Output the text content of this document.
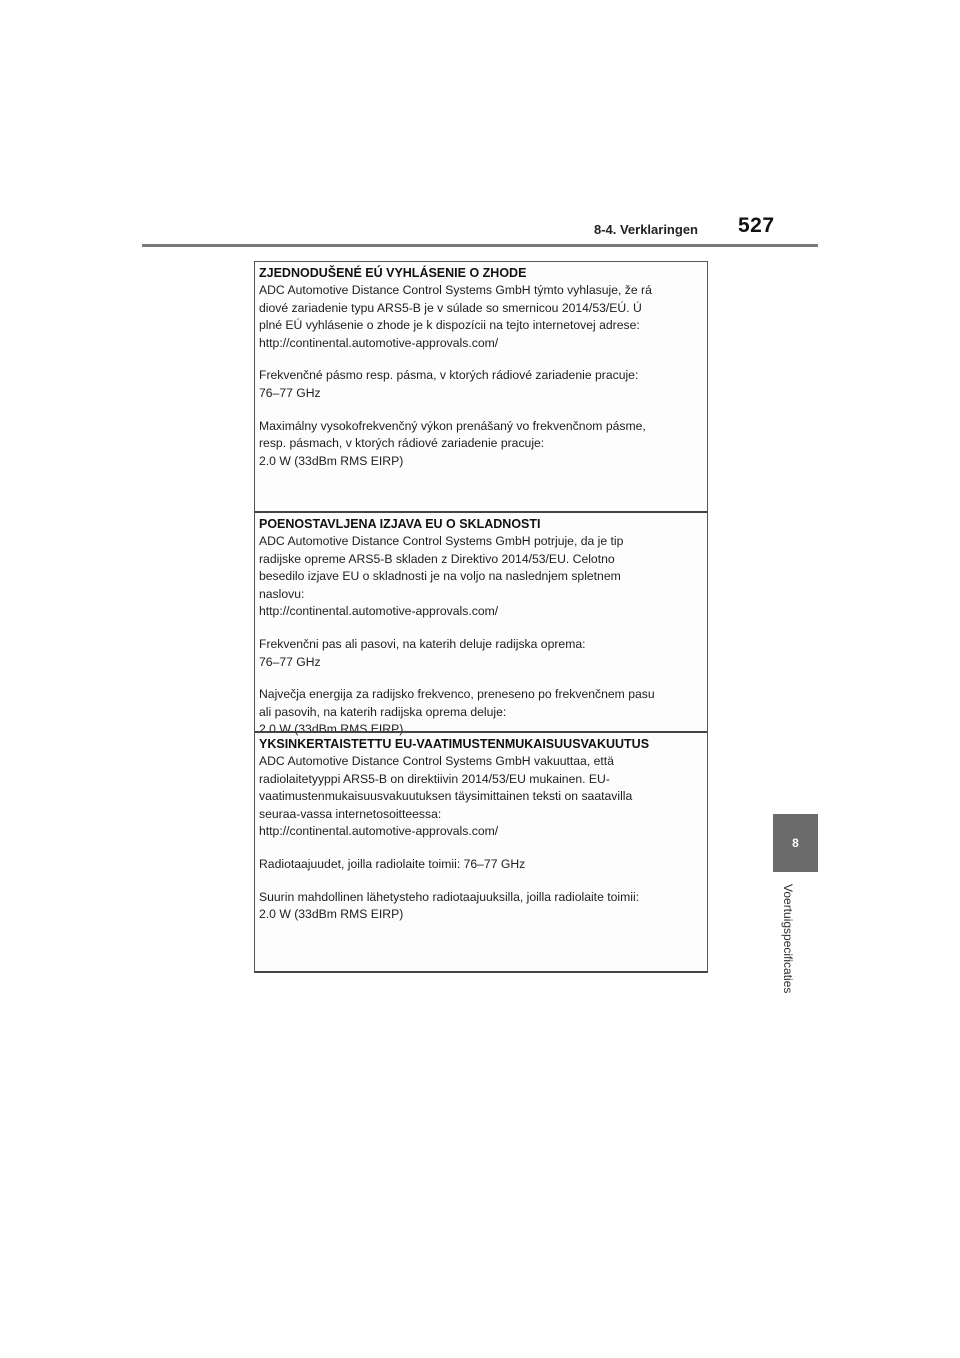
8-4. Verklaringen 527
8
Voertuigspecificaties
ZJEDNODUŠENÉ EÚ VYHLÁSENIE O ZHODE

ADC Automotive Distance Control Systems GmbH týmto vyhlasuje, že rá
diové zariadenie typu ARS5-B je v súlade so smernicou 2014/53/EÚ. Ú
plné EÚ vyhlásenie o zhode je k dispozícii na tejto internetovej adrese:
http://continental.automotive-approvals.com/

Frekvenčné pásmo resp. pásma, v ktorých rádiové zariadenie pracuje:
76–77 GHz

Maximálny vysokofrekvenčný výkon prenášaný vo frekvenčnom pásme,
resp. pásmach, v ktorých rádiové zariadenie pracuje:
2.0 W (33dBm RMS EIRP)

POENOSTAVLJENA IZJAVA EU O SKLADNOSTI

ADC Automotive Distance Control Systems GmbH potrjuje, da je tip
radijske opreme ARS5-B skladen z Direktivo 2014/53/EU. Celotno
besedilo izjave EU o skladnosti je na voljo na naslednjem spletnem
naslovu:
http://continental.automotive-approvals.com/

Frekvenčni pas ali pasovi, na katerih deluje radijska oprema:
76–77 GHz

Največja energija za radijsko frekvenco, preneseno po frekvenčnem pasu
ali pasovih, na katerih radijska oprema deluje:
2.0 W (33dBm RMS EIRP)

YKSINKERTAISTETTU EU-VAATIMUSTENMUKAISUUSVAKUUTUS

ADC Automotive Distance Control Systems GmbH vakuuttaa, että
radiolaitetyyppi ARS5-B on direktiivin 2014/53/EU mukainen. EU-
vaatimustenmukaisuusvakuutuksen täysimittainen teksti on saatavilla
seuraa-vassa internetosoitteessa:
http://continental.automotive-approvals.com/

Radiotaajuudet, joilla radiolaite toimii: 76–77 GHz

Suurin mahdollinen lähetysteho radiotaajuuksilla, joilla radiolaite toimii:
2.0 W (33dBm RMS EIRP)
